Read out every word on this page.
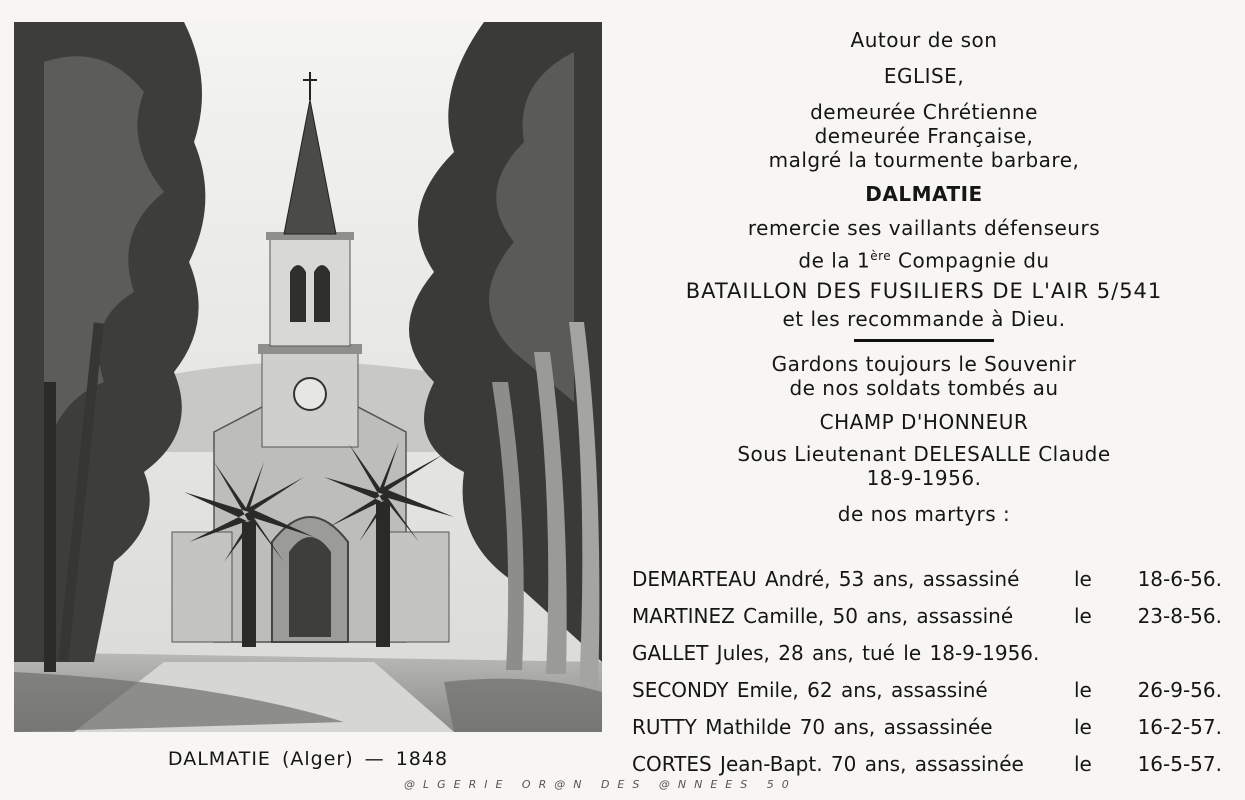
DALMATIE (Alger) — 1848
Autour de son
EGLISE,
demeurée Chrétienne
demeurée Française,
malgré la tourmente barbare,
DALMATIE
remercie ses vaillants défenseurs
de la 1ère Compagnie du
BATAILLON DES FUSILIERS DE L'AIR 5/541
et les recommande à Dieu.
Gardons toujours le Souvenir
de nos soldats tombés au
CHAMP D'HONNEUR
Sous Lieutenant DELESALLE Claude
18-9-1956.
de nos martyrs :
DEMARTEAU André, 53 ans, assassiné	le 18-6-56.
MARTINEZ Camille, 50 ans, assassiné	le 23-8-56.
GALLET Jules, 28 ans, tué le 18-9-1956.
SECONDY Emile, 62 ans, assassiné	le 26-9-56.
RUTTY Mathilde 70 ans, assassinée	le 16-2-57.
CORTES Jean-Bapt. 70 ans, assassinée	le 16-5-57.
@LGERIE OR@N DES @NNEES 50
